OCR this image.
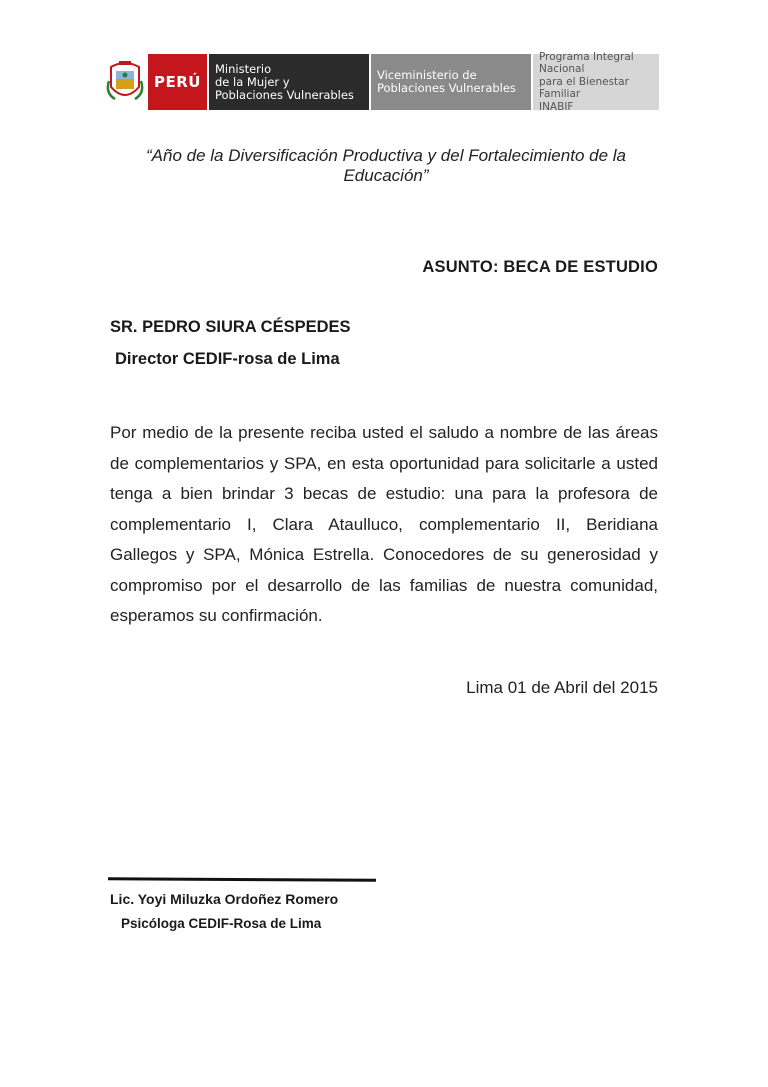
PERÚ
Ministerio
de la Mujer y
Poblaciones Vulnerables
Viceministerio de
Poblaciones Vulnerables
Programa Integral Nacional
para el Bienestar Familiar
INABIF
“Año de la Diversificación Productiva y del Fortalecimiento de la
Educación”
ASUNTO: BECA DE ESTUDIO
SR. PEDRO SIURA CÉSPEDES
Director CEDIF-rosa de Lima
Por medio de la presente reciba usted el saludo a nombre de las áreas de complementarios y SPA, en esta oportunidad para solicitarle a usted tenga a bien brindar 3 becas de estudio: una para la profesora de complementario I, Clara Ataulluco, complementario II, Beridiana Gallegos y SPA, Mónica Estrella. Conocedores de su generosidad y compromiso por el desarrollo de las familias de nuestra comunidad, esperamos su confirmación.
Lima 01 de Abril del 2015
Lic. Yoyi Miluzka Ordoñez Romero
Psicóloga CEDIF-Rosa de Lima
